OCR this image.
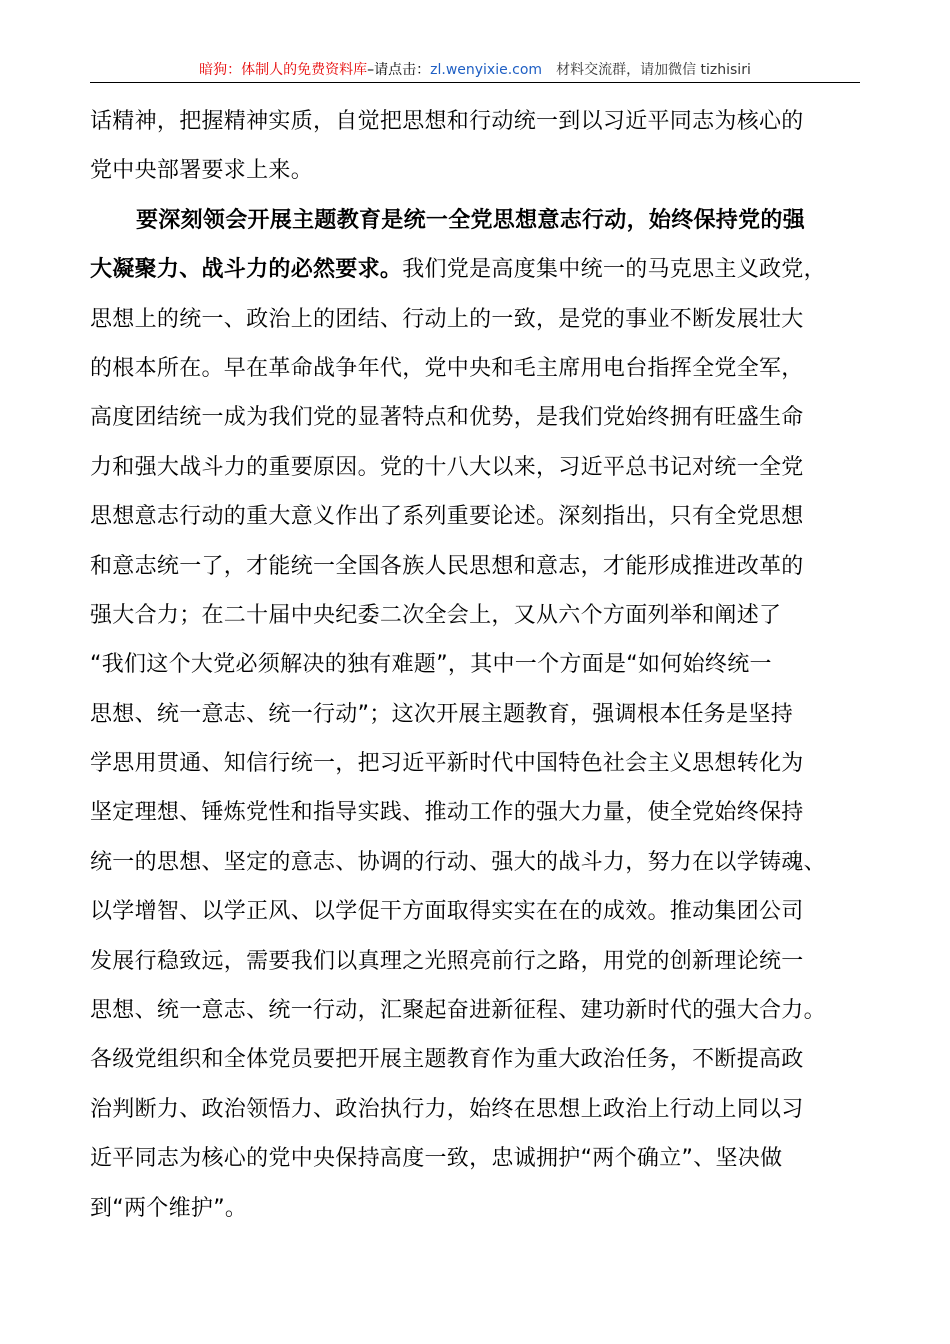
暗狗：体制人的免费资料库–请点击：zl.wenyixie.com 材料交流群，请加微信 tizhisiri
话精神，把握精神实质，自觉把思想和行动统一到以习近平同志为核心的
党中央部署要求上来。
要深刻领会开展主题教育是统一全党思想意志行动，始终保持党的强
大凝聚力、战斗力的必然要求。我们党是高度集中统一的马克思主义政党，
思想上的统一、政治上的团结、行动上的一致，是党的事业不断发展壮大
的根本所在。早在革命战争年代，党中央和毛主席用电台指挥全党全军，
高度团结统一成为我们党的显著特点和优势，是我们党始终拥有旺盛生命
力和强大战斗力的重要原因。党的十八大以来，习近平总书记对统一全党
思想意志行动的重大意义作出了系列重要论述。深刻指出，只有全党思想
和意志统一了，才能统一全国各族人民思想和意志，才能形成推进改革的
强大合力；在二十届中央纪委二次全会上，又从六个方面列举和阐述了
“我们这个大党必须解决的独有难题”，其中一个方面是“如何始终统一
思想、统一意志、统一行动”；这次开展主题教育，强调根本任务是坚持
学思用贯通、知信行统一，把习近平新时代中国特色社会主义思想转化为
坚定理想、锤炼党性和指导实践、推动工作的强大力量，使全党始终保持
统一的思想、坚定的意志、协调的行动、强大的战斗力，努力在以学铸魂、
以学增智、以学正风、以学促干方面取得实实在在的成效。推动集团公司
发展行稳致远，需要我们以真理之光照亮前行之路，用党的创新理论统一
思想、统一意志、统一行动，汇聚起奋进新征程、建功新时代的强大合力。
各级党组织和全体党员要把开展主题教育作为重大政治任务，不断提高政
治判断力、政治领悟力、政治执行力，始终在思想上政治上行动上同以习
近平同志为核心的党中央保持高度一致，忠诚拥护“两个确立”、坚决做
到“两个维护”。
